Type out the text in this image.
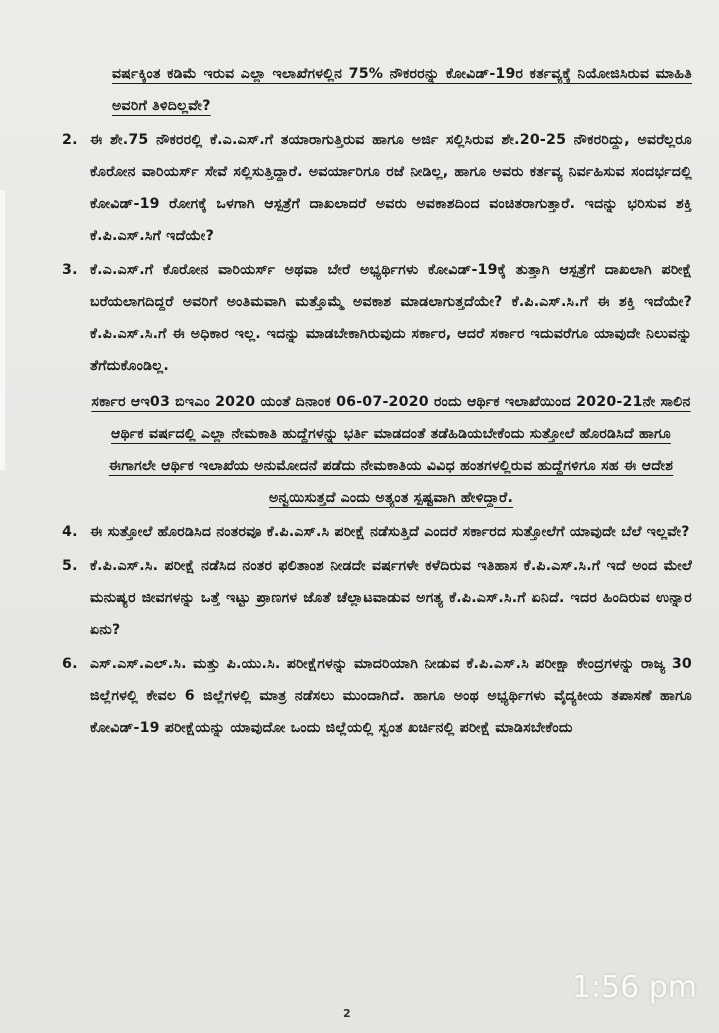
ವರ್ಷಕ್ಕಿಂತ ಕಡಿಮೆ ಇರುವ ಎಲ್ಲಾ ಇಲಾಖೆಗಳಲ್ಲಿನ 75% ನೌಕರರನ್ನು ಕೋವಿಡ್-19ರ ಕರ್ತವ್ಯಕ್ಕೆ ನಿಯೋಜಿಸಿರುವ ಮಾಹಿತಿ ಅವರಿಗೆ ತಿಳಿದಿಲ್ಲವೇ?
2. ಈ ಶೇ.75 ನೌಕರರಲ್ಲಿ ಕೆ.ಎ.ಎಸ್.ಗೆ ತಯಾರಾಗುತ್ತಿರುವ ಹಾಗೂ ಅರ್ಜಿ ಸಲ್ಲಿಸಿರುವ ಶೇ.20-25 ನೌಕರರಿದ್ದು, ಅವರೆಲ್ಲರೂ ಕೊರೋನ ವಾರಿಯರ್ಸ್ ಸೇವೆ ಸಲ್ಲಿಸುತ್ತಿದ್ದಾರೆ. ಅವರ್ಯಾರಿಗೂ ರಜೆ ನೀಡಿಲ್ಲ, ಹಾಗೂ ಅವರು ಕರ್ತವ್ಯ ನಿರ್ವಹಿಸುವ ಸಂದರ್ಭದಲ್ಲಿ ಕೋವಿಡ್-19 ರೋಗಕ್ಕೆ ಒಳಗಾಗಿ ಆಸ್ಪತ್ರೆಗೆ ದಾಖಲಾದರೆ ಅವರು ಅವಕಾಶದಿಂದ ವಂಚಿತರಾಗುತ್ತಾರೆ. ಇದನ್ನು ಭರಿಸುವ ಶಕ್ತಿ ಕೆ.ಪಿ.ಎಸ್.ಸಿಗೆ ಇದೆಯೇ?
3. ಕೆ.ಎ.ಎಸ್.ಗೆ ಕೊರೋನ ವಾರಿಯರ್ಸ್ ಅಥವಾ ಬೇರೆ ಅಭ್ಯರ್ಥಿಗಳು ಕೋವಿಡ್-19ಕ್ಕೆ ತುತ್ತಾಗಿ ಆಸ್ಪತ್ರೆಗೆ ದಾಖಲಾಗಿ ಪರೀಕ್ಷೆ ಬರೆಯಲಾಗದಿದ್ದರೆ ಅವರಿಗೆ ಅಂತಿಮವಾಗಿ ಮತ್ತೊಮ್ಮೆ ಅವಕಾಶ ಮಾಡಲಾಗುತ್ತದೆಯೇ? ಕೆ.ಪಿ.ಎಸ್.ಸಿ.ಗೆ ಈ ಶಕ್ತಿ ಇದೆಯೇ? ಕೆ.ಪಿ.ಎಸ್.ಸಿ.ಗೆ ಈ ಅಧಿಕಾರ ಇಲ್ಲ. ಇದನ್ನು ಮಾಡಬೇಕಾಗಿರುವುದು ಸರ್ಕಾರ, ಆದರೆ ಸರ್ಕಾರ ಇದುವರೆಗೂ ಯಾವುದೇ ನಿಲುವನ್ನು ತೆಗೆದುಕೊಂಡಿಲ್ಲ.
ಸರ್ಕಾರ ಆಇ03 ಬಿಇಎಂ 2020 ಯಂತೆ ದಿನಾಂಕ 06-07-2020 ರಂದು ಆರ್ಥಿಕ ಇಲಾಖೆಯಿಂದ 2020-21ನೇ ಸಾಲಿನ ಆರ್ಥಿಕ ವರ್ಷದಲ್ಲಿ ಎಲ್ಲಾ ನೇಮಕಾತಿ ಹುದ್ದೆಗಳನ್ನು ಭರ್ತಿ ಮಾಡದಂತೆ ತಡೆಹಿಡಿಯಬೇಕೆಂದು ಸುತ್ತೋಲೆ ಹೊರಡಿಸಿದೆ ಹಾಗೂ ಈಗಾಗಲೇ ಆರ್ಥಿಕ ಇಲಾಖೆಯ ಅನುಮೋದನೆ ಪಡೆದು ನೇಮಕಾತಿಯ ವಿವಿಧ ಹಂತಗಳಲ್ಲಿರುವ ಹುದ್ದೆಗಳಿಗೂ ಸಹ ಈ ಆದೇಶ ಅನ್ವಯಿಸುತ್ತದೆ ಎಂದು ಅತ್ಯಂತ ಸ್ಪಷ್ಟವಾಗಿ ಹೇಳಿದ್ದಾರೆ.
4. ಈ ಸುತ್ತೋಲೆ ಹೊರಡಿಸಿದ ನಂತರವೂ ಕೆ.ಪಿ.ಎಸ್.ಸಿ ಪರೀಕ್ಷೆ ನಡೆಸುತ್ತಿದೆ ಎಂದರೆ ಸರ್ಕಾರದ ಸುತ್ತೋಲೆಗೆ ಯಾವುದೇ ಬೆಲೆ ಇಲ್ಲವೇ?
5. ಕೆ.ಪಿ.ಎಸ್.ಸಿ. ಪರೀಕ್ಷೆ ನಡೆಸಿದ ನಂತರ ಫಲಿತಾಂಶ ನೀಡದೇ ವರ್ಷಗಳೇ ಕಳೆದಿರುವ ಇತಿಹಾಸ ಕೆ.ಪಿ.ಎಸ್.ಸಿ.ಗೆ ಇದೆ ಅಂದ ಮೇಲೆ ಮನುಷ್ಯರ ಜೀವಗಳನ್ನು ಒತ್ತೆ ಇಟ್ಟು ಪ್ರಾಣಗಳ ಜೊತೆ ಚೆಲ್ಲಾಟವಾಡುವ ಅಗತ್ಯ ಕೆ.ಪಿ.ಎಸ್.ಸಿ.ಗೆ ಏನಿದೆ. ಇದರ ಹಿಂದಿರುವ ಉನ್ನಾರ ಏನು?
6. ಎಸ್.ಎಸ್.ಎಲ್.ಸಿ. ಮತ್ತು ಪಿ.ಯು.ಸಿ. ಪರೀಕ್ಷೆಗಳನ್ನು ಮಾದರಿಯಾಗಿ ನೀಡುವ ಕೆ.ಪಿ.ಎಸ್.ಸಿ ಪರೀಕ್ಷಾ ಕೇಂದ್ರಗಳನ್ನು ರಾಜ್ಯ 30 ಜಿಲ್ಲೆಗಳಲ್ಲಿ ಕೇವಲ 6 ಜಿಲ್ಲೆಗಳಲ್ಲಿ ಮಾತ್ರ ನಡೆಸಲು ಮುಂದಾಗಿದೆ. ಹಾಗೂ ಅಂಥ ಅಭ್ಯರ್ಥಿಗಳು ವೈದ್ಯಕೀಯ ತಪಾಸಣೆ ಹಾಗೂ ಕೋವಿಡ್-19 ಪರೀಕ್ಷೆಯನ್ನು ಯಾವುದೋ ಒಂದು ಜಿಲ್ಲೆಯಲ್ಲಿ ಸ್ವಂತ ಖರ್ಚಿನಲ್ಲಿ ಪರೀಕ್ಷೆ ಮಾಡಿಸಬೇಕೆಂದು
2
1:56 pm
